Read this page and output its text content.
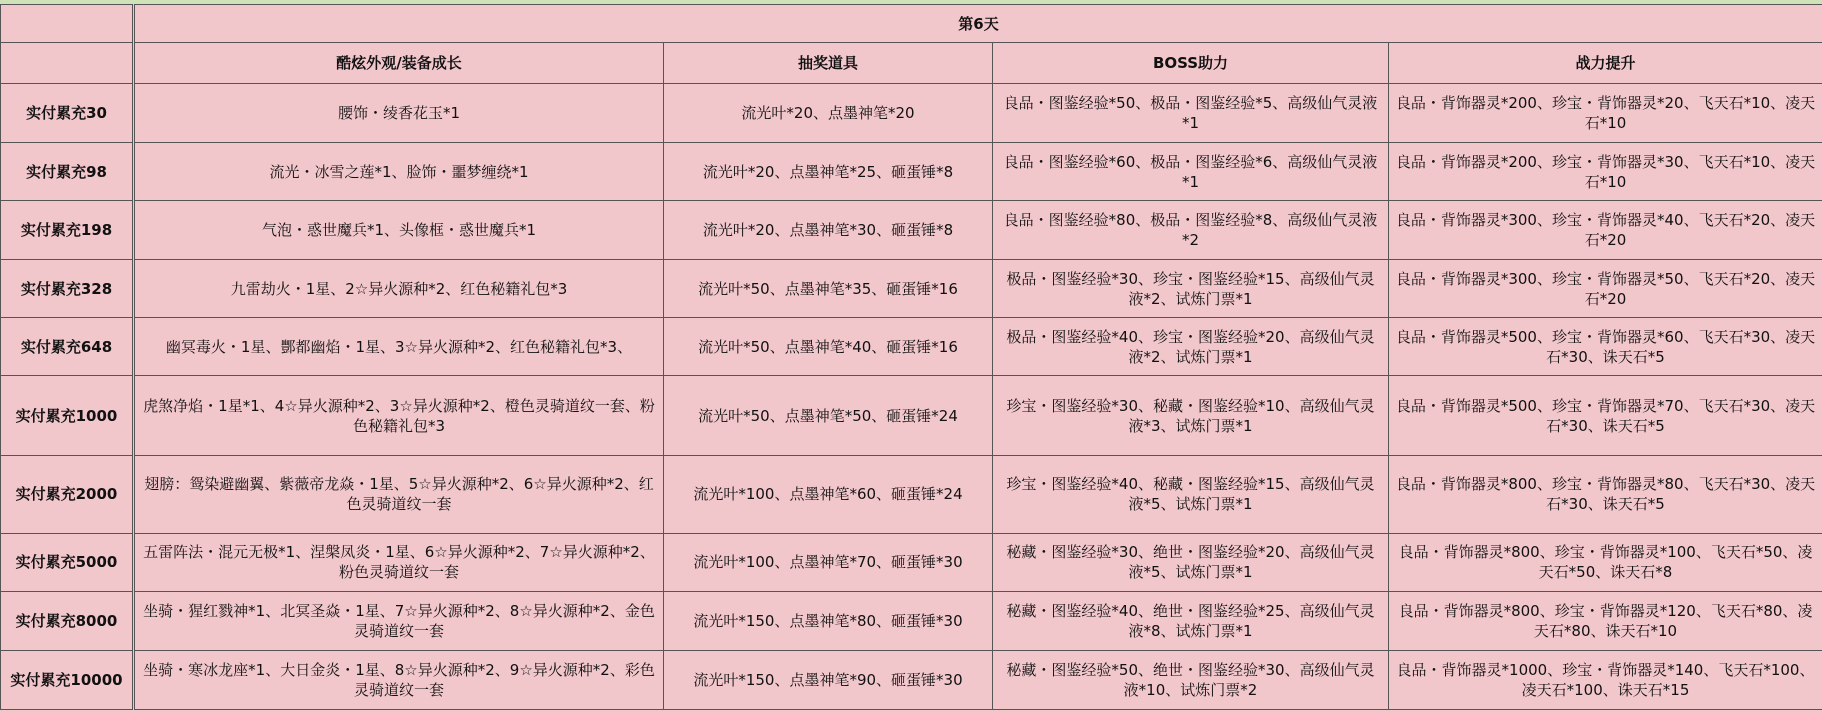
	第6天			
	酷炫外观/装备成长	抽奖道具	BOSS助力	战力提升
实付累充30	腰饰・绫香花玉*1	流光叶*20、点墨神笔*20	良品・图鉴经验*50、极品・图鉴经验*5、高级仙气灵液*1	良品・背饰器灵*200、珍宝・背饰器灵*20、飞天石*10、凌天石*10
实付累充98	流光・冰雪之莲*1、脸饰・噩梦缠绕*1	流光叶*20、点墨神笔*25、砸蛋锤*8	良品・图鉴经验*60、极品・图鉴经验*6、高级仙气灵液*1	良品・背饰器灵*200、珍宝・背饰器灵*30、飞天石*10、凌天石*10
实付累充198	气泡・惑世魔兵*1、头像框・惑世魔兵*1	流光叶*20、点墨神笔*30、砸蛋锤*8	良品・图鉴经验*80、极品・图鉴经验*8、高级仙气灵液*2	良品・背饰器灵*300、珍宝・背饰器灵*40、飞天石*20、凌天石*20
实付累充328	九雷劫火・1星、2☆异火源种*2、红色秘籍礼包*3	流光叶*50、点墨神笔*35、砸蛋锤*16	极品・图鉴经验*30、珍宝・图鉴经验*15、高级仙气灵液*2、试炼门票*1	良品・背饰器灵*300、珍宝・背饰器灵*50、飞天石*20、凌天石*20
实付累充648	幽冥毒火・1星、酆都幽焰・1星、3☆异火源种*2、红色秘籍礼包*3、	流光叶*50、点墨神笔*40、砸蛋锤*16	极品・图鉴经验*40、珍宝・图鉴经验*20、高级仙气灵液*2、试炼门票*1	良品・背饰器灵*500、珍宝・背饰器灵*60、飞天石*30、凌天石*30、诛天石*5
实付累充1000	虎煞净焰・1星*1、4☆异火源种*2、3☆异火源种*2、橙色灵骑道纹一套、粉色秘籍礼包*3	流光叶*50、点墨神笔*50、砸蛋锤*24	珍宝・图鉴经验*30、秘藏・图鉴经验*10、高级仙气灵液*3、试炼门票*1	良品・背饰器灵*500、珍宝・背饰器灵*70、飞天石*30、凌天石*30、诛天石*5
实付累充2000	翅膀：鸳染避幽翼、紫薇帝龙焱・1星、5☆异火源种*2、6☆异火源种*2、红色灵骑道纹一套	流光叶*100、点墨神笔*60、砸蛋锤*24	珍宝・图鉴经验*40、秘藏・图鉴经验*15、高级仙气灵液*5、试炼门票*1	良品・背饰器灵*800、珍宝・背饰器灵*80、飞天石*30、凌天石*30、诛天石*5
实付累充5000	五雷阵法・混元无极*1、涅槃凤炎・1星、6☆异火源种*2、7☆异火源种*2、粉色灵骑道纹一套	流光叶*100、点墨神笔*70、砸蛋锤*30	秘藏・图鉴经验*30、绝世・图鉴经验*20、高级仙气灵液*5、试炼门票*1	良品・背饰器灵*800、珍宝・背饰器灵*100、飞天石*50、凌天石*50、诛天石*8
实付累充8000	坐骑・猩红戮神*1、北冥圣焱・1星、7☆异火源种*2、8☆异火源种*2、金色灵骑道纹一套	流光叶*150、点墨神笔*80、砸蛋锤*30	秘藏・图鉴经验*40、绝世・图鉴经验*25、高级仙气灵液*8、试炼门票*1	良品・背饰器灵*800、珍宝・背饰器灵*120、飞天石*80、凌天石*80、诛天石*10
实付累充10000	坐骑・寒冰龙座*1、大日金炎・1星、8☆异火源种*2、9☆异火源种*2、彩色灵骑道纹一套	流光叶*150、点墨神笔*90、砸蛋锤*30	秘藏・图鉴经验*50、绝世・图鉴经验*30、高级仙气灵液*10、试炼门票*2	良品・背饰器灵*1000、珍宝・背饰器灵*140、飞天石*100、凌天石*100、诛天石*15
